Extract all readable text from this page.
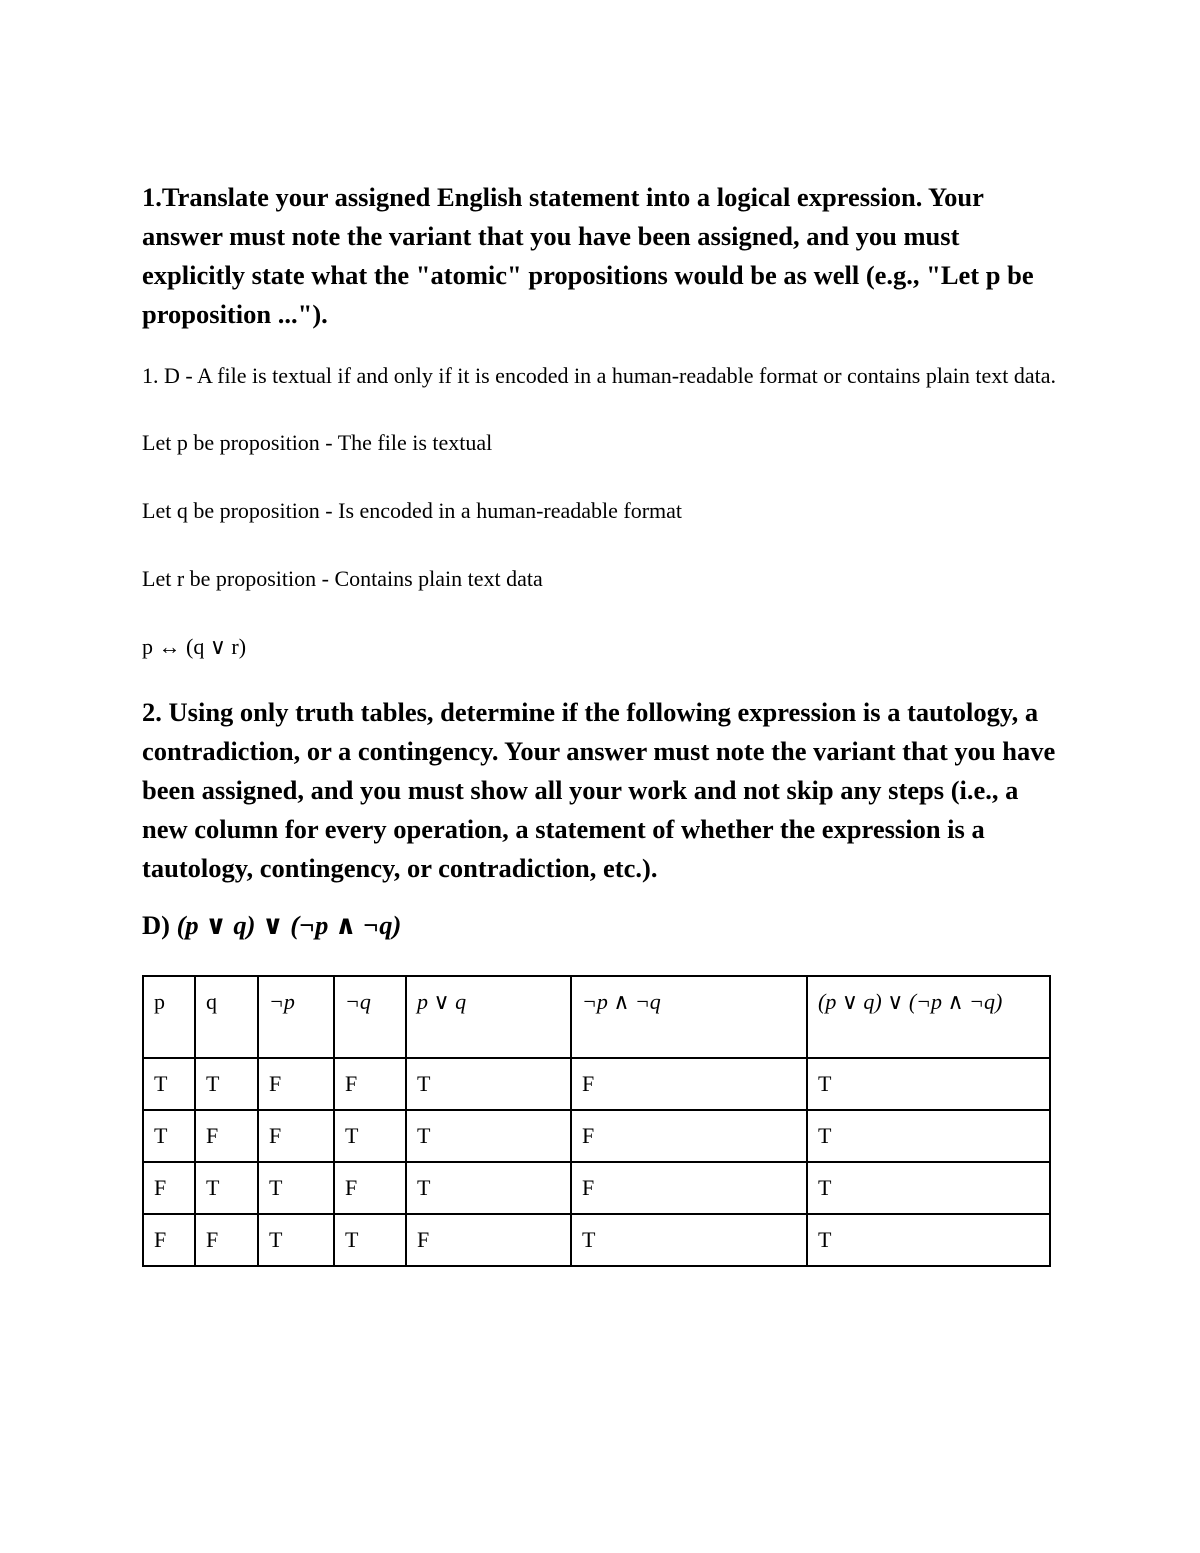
1.Translate your assigned English statement into a logical expression. Your answer must note the variant that you have been assigned, and you must explicitly state what the "atomic" propositions would be as well (e.g., "Let p be proposition ...").

1. D - A file is textual if and only if it is encoded in a human-readable format or contains plain text data.

Let p be proposition - The file is textual

Let q be proposition - Is encoded in a human-readable format

Let r be proposition - Contains plain text data

p ↔ (q ∨ r)

2. Using only truth tables, determine if the following expression is a tautology, a contradiction, or a contingency. Your answer must note the variant that you have been assigned, and you must show all your work and not skip any steps (i.e., a new column for every operation, a statement of whether the expression is a tautology, contingency, or contradiction, etc.).

D) (p ∨ q) ∨ (¬p ∧ ¬q)

p	q	¬p	¬q	p ∨ q	¬p ∧ ¬q	(p ∨ q) ∨ (¬p ∧ ¬q)
T	T	F	F	T	F	T
T	F	F	T	T	F	T
F	T	T	F	T	F	T
F	F	T	T	F	T	T
